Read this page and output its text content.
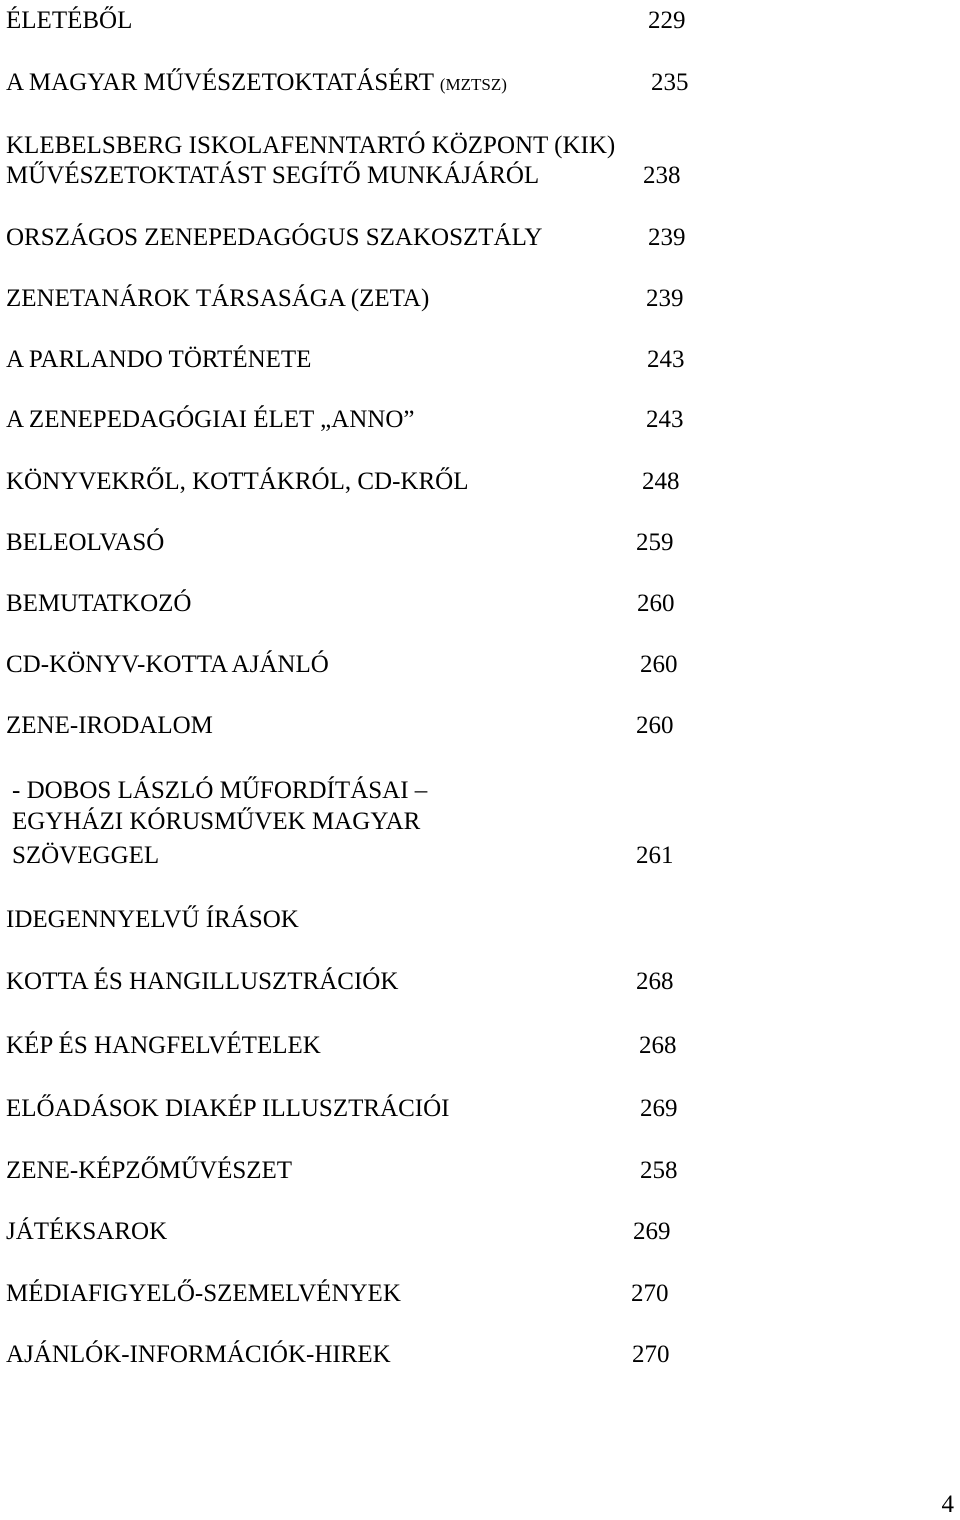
ÉLETÉBŐL	229
A MAGYAR MŰVÉSZETOKTATÁSÉRT (MZTSZ)	235
KLEBELSBERG ISKOLAFENNTARTÓ KÖZPONT (KIK)
MŰVÉSZETOKTATÁST SEGÍTŐ MUNKÁJÁRÓL	238
ORSZÁGOS ZENEPEDAGÓGUS SZAKOSZTÁLY	239
ZENETANÁROK TÁRSASÁGA (ZETA)	239
A PARLANDO TÖRTÉNETE	243
A ZENEPEDAGÓGIAI ÉLET „ANNO”	243
KÖNYVEKRŐL, KOTTÁKRÓL, CD-KRŐL	248
BELEOLVASÓ	259
BEMUTATKOZÓ	260
CD-KÖNYV-KOTTA AJÁNLÓ	260
ZENE-IRODALOM	260
- DOBOS LÁSZLÓ MŰFORDÍTÁSAI –
EGYHÁZI KÓRUSMŰVEK MAGYAR
SZÖVEGGEL	261
IDEGENNYELVŰ ÍRÁSOK
KOTTA ÉS HANGILLUSZTRÁCIÓK	268
KÉP ÉS HANGFELVÉTELEK	268
ELŐADÁSOK DIAKÉP ILLUSZTRÁCIÓI	269
ZENE-KÉPZŐMŰVÉSZET	258
JÁTÉKSAROK	269
MÉDIAFIGYELŐ-SZEMELVÉNYEK	270
AJÁNLÓK-INFORMÁCIÓK-HIREK	270
4
